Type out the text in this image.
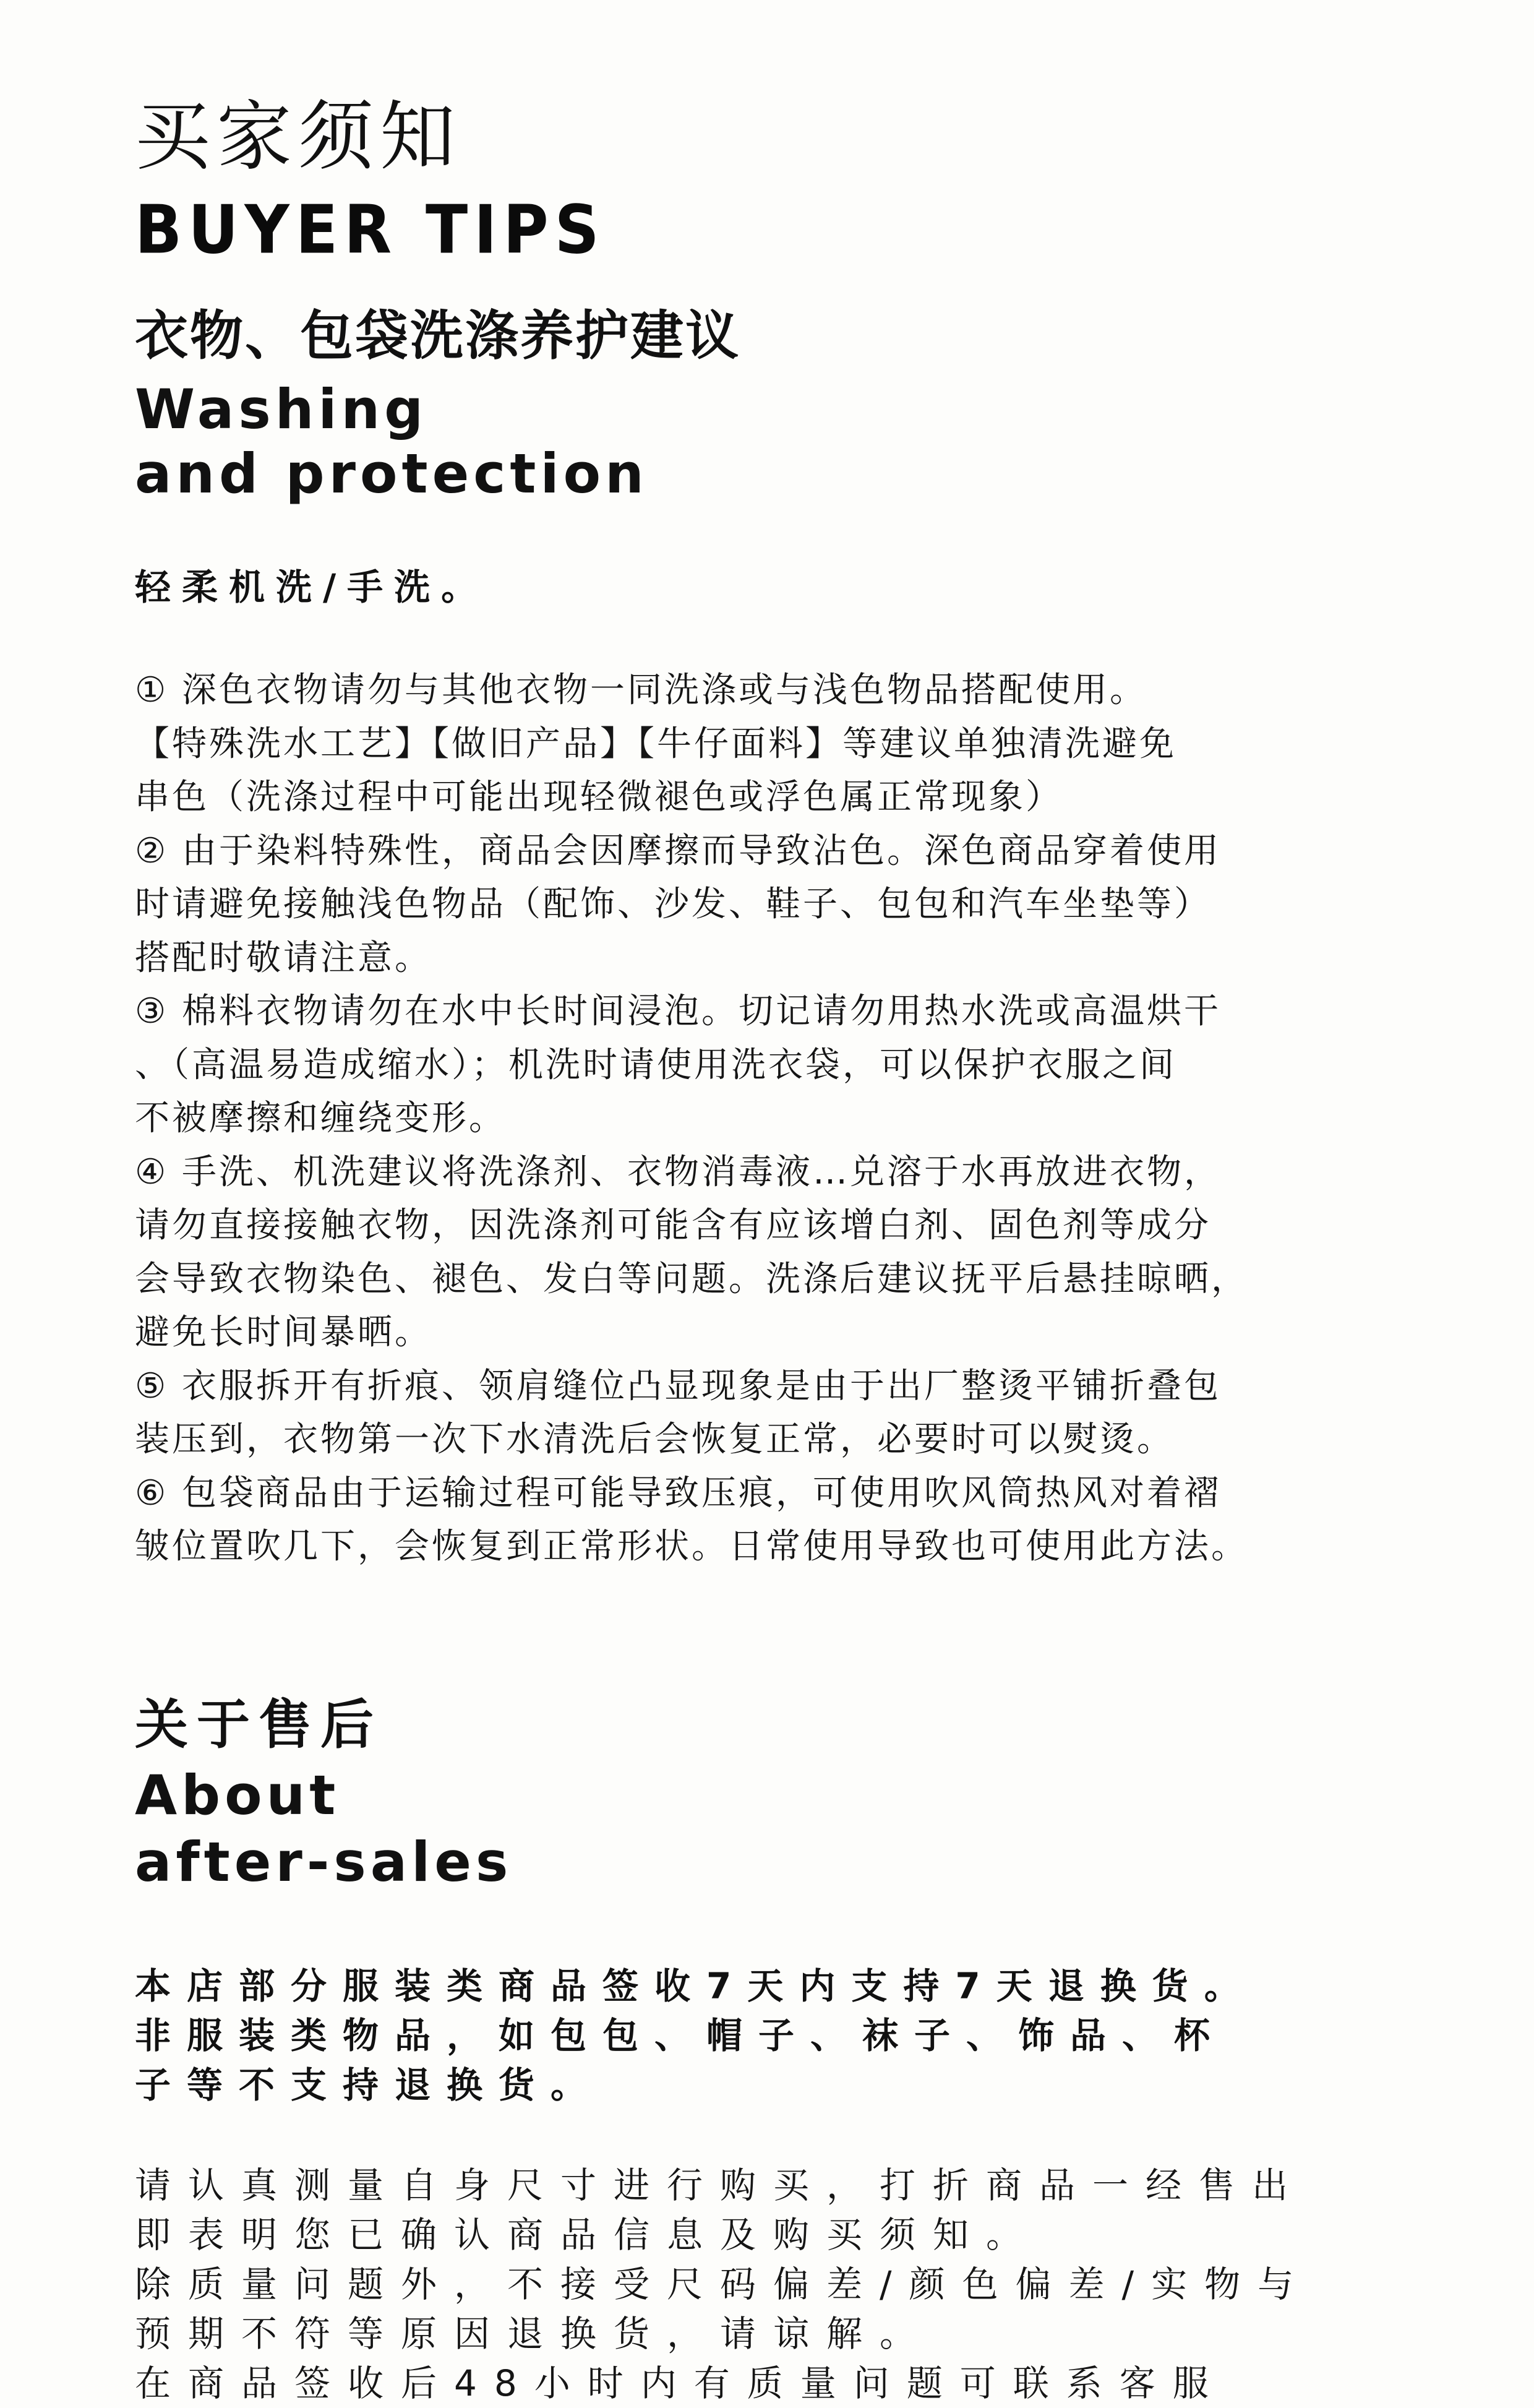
买家须知
BUYER TIPS
衣物、包袋洗涤养护建议
Washing
and protection
轻柔机洗/手洗。
① 深色衣物请勿与其他衣物一同洗涤或与浅色物品搭配使用。
【特殊洗水工艺】【做旧产品】【牛仔面料】等建议单独清洗避免
串色（洗涤过程中可能出现轻微褪色或浮色属正常现象）
② 由于染料特殊性，商品会因摩擦而导致沾色。深色商品穿着使用
时请避免接触浅色物品（配饰、沙发、鞋子、包包和汽车坐垫等）
搭配时敬请注意。
③ 棉料衣物请勿在水中长时间浸泡。切记请勿用热水洗或高温烘干
、（高温易造成缩水）；机洗时请使用洗衣袋，可以保护衣服之间
不被摩擦和缠绕变形。
④ 手洗、机洗建议将洗涤剂、衣物消毒液…兑溶于水再放进衣物，
请勿直接接触衣物，因洗涤剂可能含有应该增白剂、固色剂等成分
会导致衣物染色、褪色、发白等问题。洗涤后建议抚平后悬挂晾晒，
避免长时间暴晒。
⑤ 衣服拆开有折痕、领肩缝位凸显现象是由于出厂整烫平铺折叠包
装压到，衣物第一次下水清洗后会恢复正常，必要时可以熨烫。
⑥ 包袋商品由于运输过程可能导致压痕，可使用吹风筒热风对着褶
皱位置吹几下，会恢复到正常形状。日常使用导致也可使用此方法。
关于售后
About
after-sales
本店部分服装类商品签收7天内支持7天退换货。
非服装类物品，如包包、帽子、袜子、饰品、杯
子等不支持退换货。
请认真测量自身尺寸进行购买，打折商品一经售出
即表明您已确认商品信息及购买须知。
除质量问题外，不接受尺码偏差/颜色偏差/实物与
预期不符等原因退换货，请谅解。
在商品签收后48小时内有质量问题可联系客服
